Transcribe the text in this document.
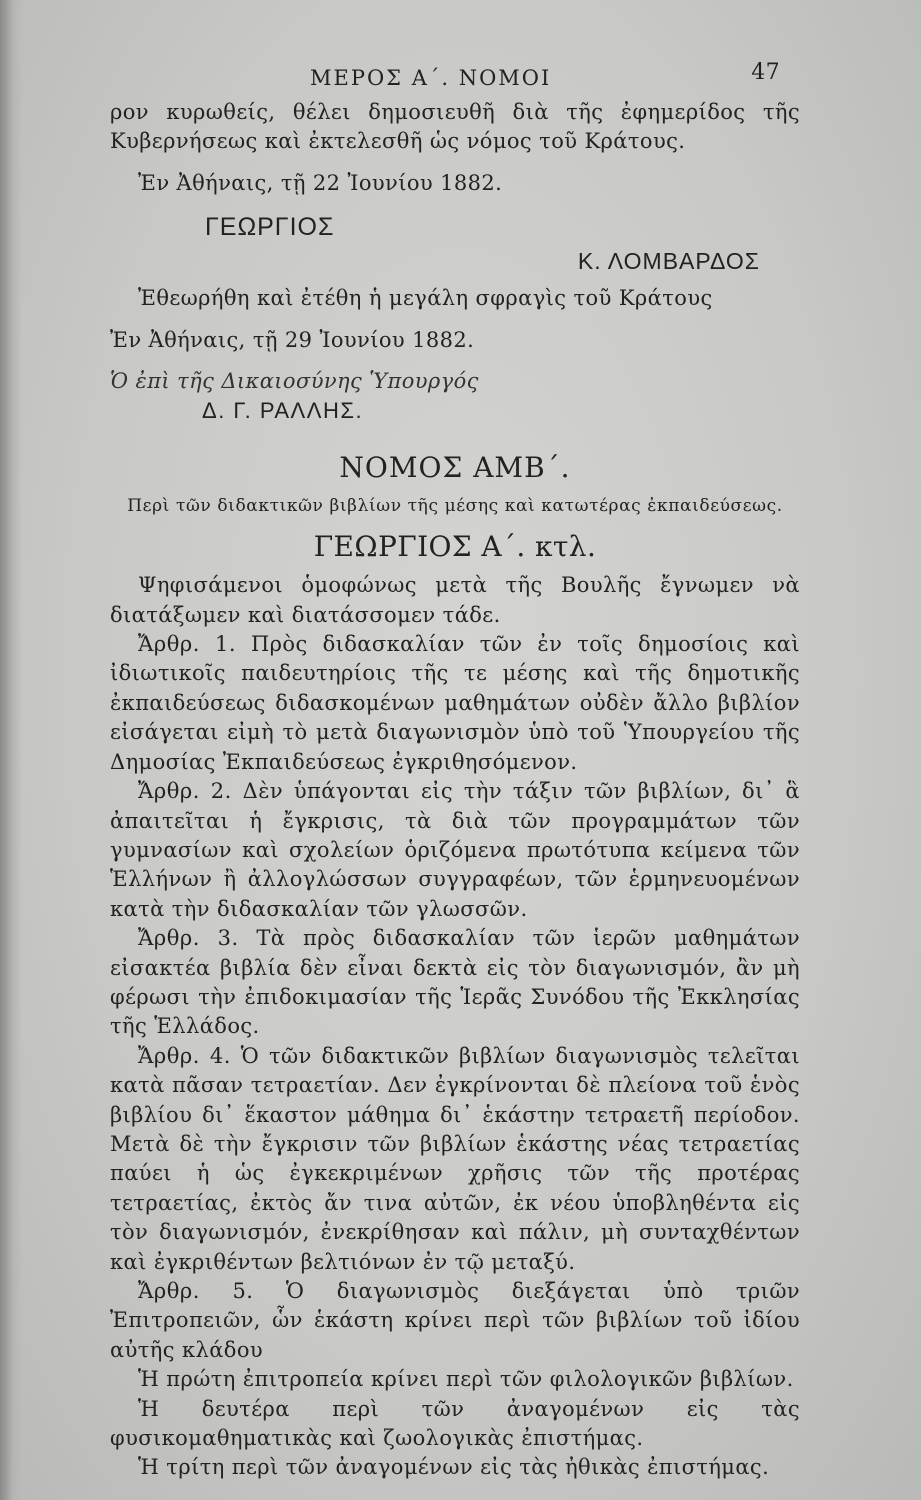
ΜΕΡΟΣ Α΄. ΝΟΜΟΙ	47

ρον κυρωθείς, θέλει δημοσιευθῆ διὰ τῆς ἐφημερίδος τῆς Κυβερνήσεως καὶ ἐκτελεσθῆ ὡς νόμος τοῦ Κράτους.

Ἐν Ἀθήναις, τῇ 22 Ἰουνίου 1882.

ΓΕΩΡΓΙΟΣ

Κ. ΛΟΜΒΑΡΔΟΣ

Ἐθεωρήθη καὶ ἐτέθη ἡ μεγάλη σφραγὶς τοῦ Κράτους

Ἐν Ἀθήναις, τῇ 29 Ἰουνίου 1882.

Ὁ ἐπὶ τῆς Δικαιοσύνης Ὑπουργός

Δ. Γ. ΡΑΛΛΗΣ.

ΝΟΜΟΣ ΑΜΒ΄.

Περὶ τῶν διδακτικῶν βιβλίων τῆς μέσης καὶ κατωτέρας ἐκπαιδεύσεως.

ΓΕΩΡΓΙΟΣ Α΄. κτλ.

Ψηφισάμενοι ὁμοφώνως μετὰ τῆς Βουλῆς ἔγνωμεν νὰ διατάξωμεν καὶ διατάσσομεν τάδε.

Ἄρθρ. 1. Πρὸς διδασκαλίαν τῶν ἐν τοῖς δημοσίοις καὶ ἰδιωτικοῖς παιδευτηρίοις τῆς τε μέσης καὶ τῆς δημοτικῆς ἐκπαιδεύσεως διδασκομένων μαθημάτων οὐδὲν ἄλλο βιβλίον εἰσάγεται εἰμὴ τὸ μετὰ διαγωνισμὸν ὑπὸ τοῦ Ὑπουργείου τῆς Δημοσίας Ἐκπαιδεύσεως ἐγκριθησόμενον.

Ἄρθρ. 2. Δὲν ὑπάγονται εἰς τὴν τάξιν τῶν βιβλίων, δι᾿ ἃ ἀπαιτεῖται ἡ ἔγκρισις, τὰ διὰ τῶν προγραμμάτων τῶν γυμνασίων καὶ σχολείων ὁριζόμενα πρωτότυπα κείμενα τῶν Ἑλλήνων ἢ ἀλλογλώσσων συγγραφέων, τῶν ἑρμηνευομένων κατὰ τὴν διδασκαλίαν τῶν γλωσσῶν.

Ἄρθρ. 3. Τὰ πρὸς διδασκαλίαν τῶν ἱερῶν μαθημάτων εἰσακτέα βιβλία δὲν εἶναι δεκτὰ εἰς τὸν διαγωνισμόν, ἂν μὴ φέρωσι τὴν ἐπιδοκιμασίαν τῆς Ἱερᾶς Συνόδου τῆς Ἐκκλησίας τῆς Ἑλλάδος.

Ἄρθρ. 4. Ὁ τῶν διδακτικῶν βιβλίων διαγωνισμὸς τελεῖται κατὰ πᾶσαν τετραετίαν. Δεν ἐγκρίνονται δὲ πλείονα τοῦ ἑνὸς βιβλίου δι᾿ ἕκαστον μάθημα δι᾿ ἑκάστην τετραετῆ περίοδον. Μετὰ δὲ τὴν ἔγκρισιν τῶν βιβλίων ἑκάστης νέας τετραετίας παύει ἡ ὡς ἐγκεκριμένων χρῆσις τῶν τῆς προτέρας τετραετίας, ἐκτὸς ἄν τινα αὐτῶν, ἐκ νέου ὑποβληθέντα εἰς τὸν διαγωνισμόν, ἐνεκρίθησαν καὶ πάλιν, μὴ συνταχθέντων καὶ ἐγκριθέντων βελτιόνων ἐν τῷ μεταξύ.

Ἄρθρ. 5. Ὁ διαγωνισμὸς διεξάγεται ὑπὸ τριῶν Ἐπιτροπειῶν, ὧν ἑκάστη κρίνει περὶ τῶν βιβλίων τοῦ ἰδίου αὐτῆς κλάδου

Ἡ πρώτη ἐπιτροπεία κρίνει περὶ τῶν φιλολογικῶν βιβλίων.

Ἡ δευτέρα περὶ τῶν ἀναγομένων εἰς τὰς φυσικομαθηματικὰς καὶ ζωολογικὰς ἐπιστήμας.

Ἡ τρίτη περὶ τῶν ἀναγομένων εἰς τὰς ἠθικὰς ἐπιστήμας.
